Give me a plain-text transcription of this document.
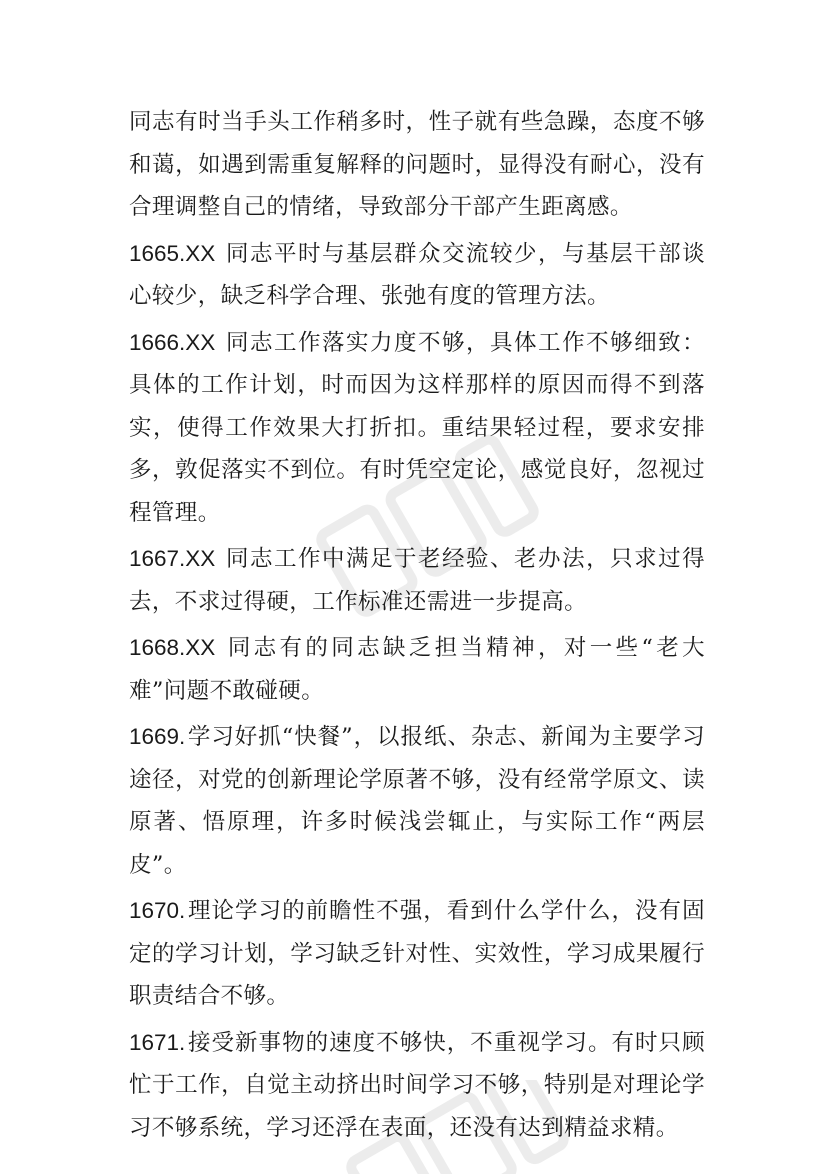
同志有时当手头工作稍多时，性子就有些急躁，态度不够和蔼，如遇到需重复解释的问题时，显得没有耐心，没有合理调整自己的情绪，导致部分干部产生距离感。

1665.XX 同志平时与基层群众交流较少，与基层干部谈心较少，缺乏科学合理、张弛有度的管理方法。

1666.XX 同志工作落实力度不够，具体工作不够细致：具体的工作计划，时而因为这样那样的原因而得不到落实，使得工作效果大打折扣。重结果轻过程，要求安排多，敦促落实不到位。有时凭空定论，感觉良好，忽视过程管理。

1667.XX 同志工作中满足于老经验、老办法，只求过得去，不求过得硬，工作标准还需进一步提高。

1668.XX 同志有的同志缺乏担当精神，对一些“老大难”问题不敢碰硬。

1669.学习好抓“快餐”，以报纸、杂志、新闻为主要学习途径，对党的创新理论学原著不够，没有经常学原文、读原著、悟原理，许多时候浅尝辄止，与实际工作“两层皮”。

1670.理论学习的前瞻性不强，看到什么学什么，没有固定的学习计划，学习缺乏针对性、实效性，学习成果履行职责结合不够。

1671.接受新事物的速度不够快，不重视学习。有时只顾忙于工作，自觉主动挤出时间学习不够，特别是对理论学习不够系统，学习还浮在表面，还没有达到精益求精。
